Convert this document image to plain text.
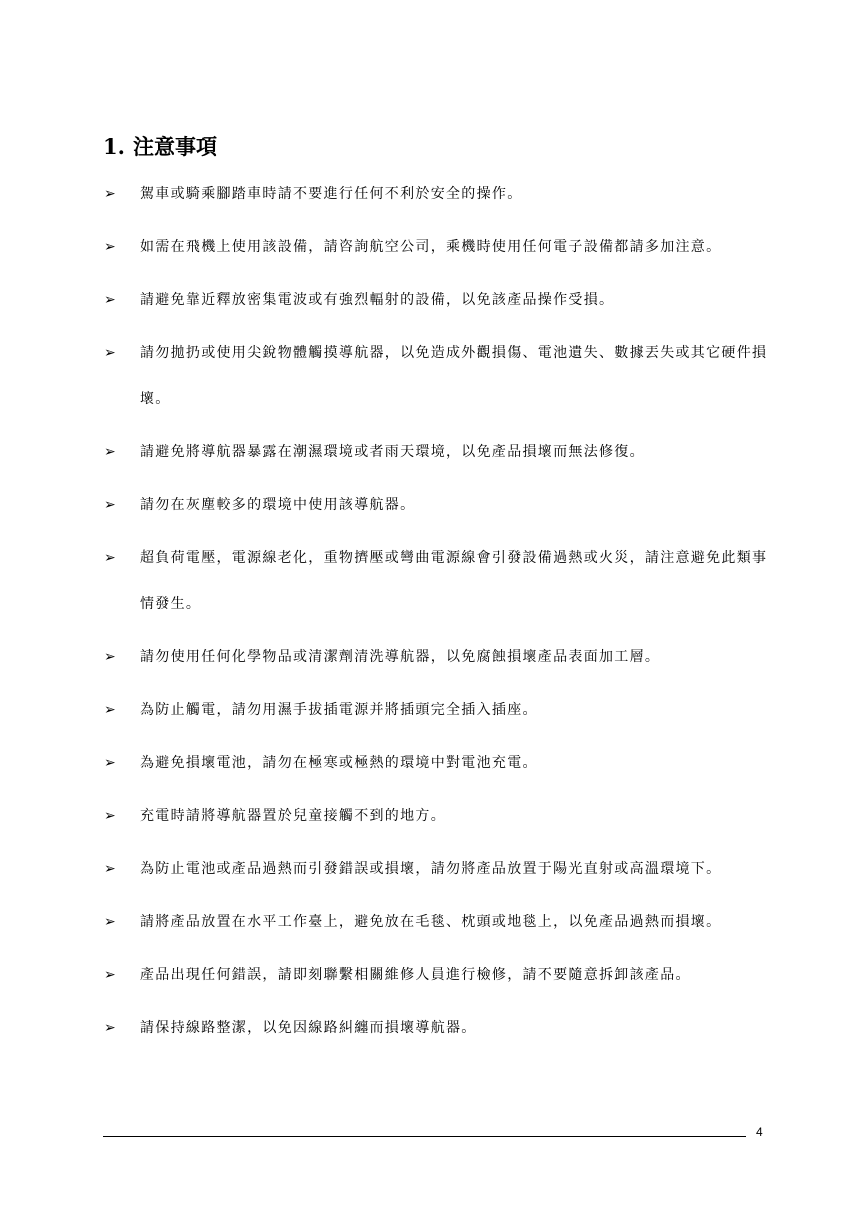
1. 注意事項
➢	駕車或騎乘腳踏車時請不要進行任何不利於安全的操作。
➢	如需在飛機上使用該設備，請咨詢航空公司，乘機時使用任何電子設備都請多加注意。
➢	請避免靠近釋放密集電波或有強烈輻射的設備，以免該產品操作受損。
➢	請勿拋扔或使用尖銳物體觸摸導航器，以免造成外觀損傷、電池遺失、數據丟失或其它硬件損壞。
➢	請避免將導航器暴露在潮濕環境或者雨天環境，以免產品損壞而無法修復。
➢	請勿在灰塵較多的環境中使用該導航器。
➢	超負荷電壓，電源線老化，重物擠壓或彎曲電源線會引發設備過熱或火災，請注意避免此類事情發生。
➢	請勿使用任何化學物品或清潔劑清洗導航器，以免腐蝕損壞產品表面加工層。
➢	為防止觸電，請勿用濕手拔插電源并將插頭完全插入插座。
➢	為避免損壞電池，請勿在極寒或極熱的環境中對電池充電。
➢	充電時請將導航器置於兒童接觸不到的地方。
➢	為防止電池或產品過熱而引發錯誤或損壞，請勿將產品放置于陽光直射或高溫環境下。
➢	請將產品放置在水平工作臺上，避免放在毛毯、枕頭或地毯上，以免產品過熱而損壞。
➢	產品出現任何錯誤，請即刻聯繫相關維修人員進行檢修，請不要隨意拆卸該產品。
➢	請保持線路整潔，以免因線路糾纏而損壞導航器。
4
